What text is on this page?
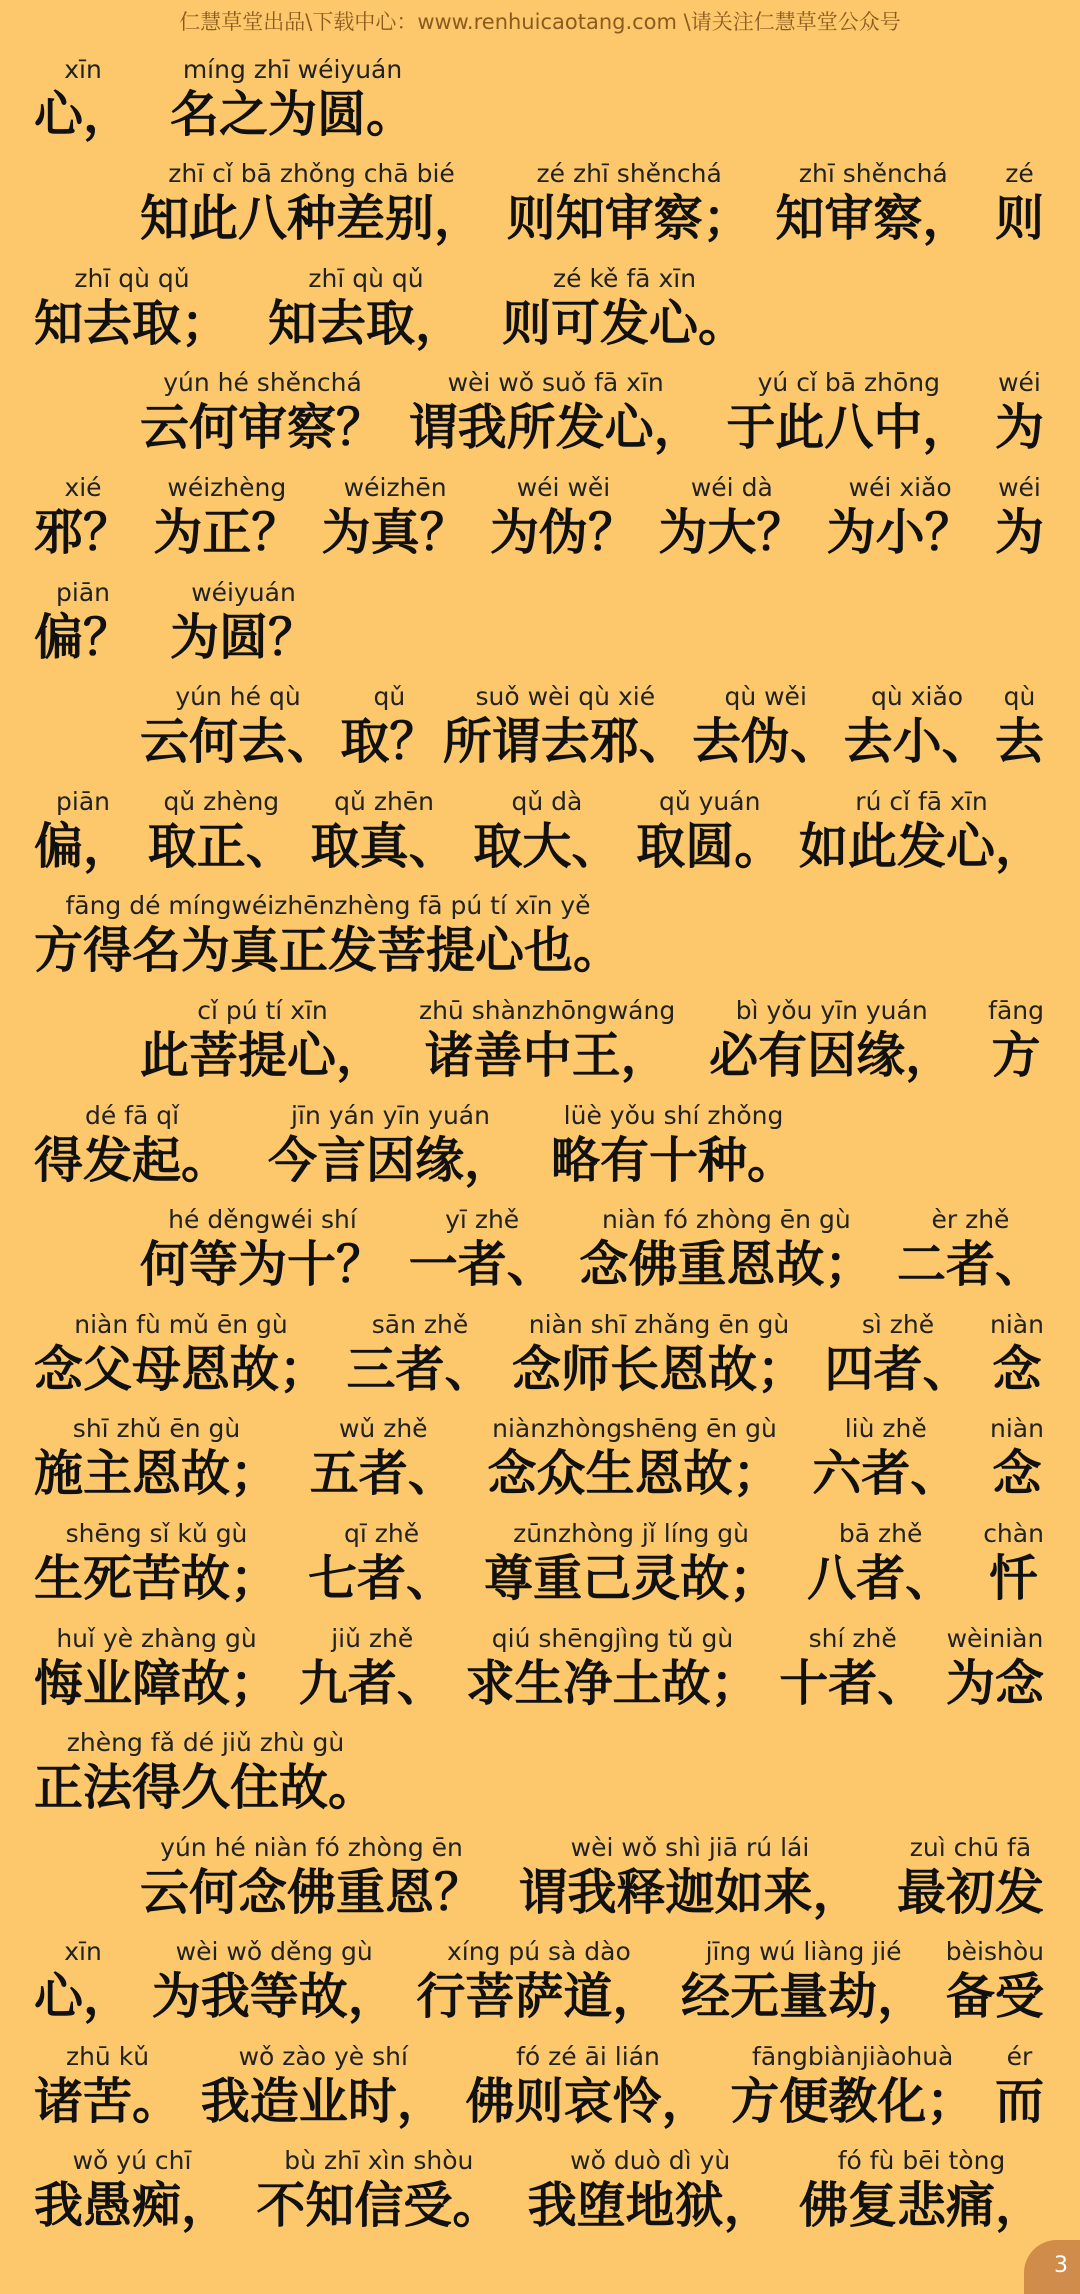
仁慧草堂出品\下载中心：www.renhuicaotang.com \请关注仁慧草堂公众号
xīn
心，
míng zhī wéiyuán
名之为圆。
zhī cǐ bā zhǒng chā bié
知此八种差别，
zé zhī shěnchá
则知审察；
zhī shěnchá
知审察，
zé
则
zhī qù qǔ
知去取；
zhī qù qǔ
知去取，
zé kě fā xīn
则可发心。
yún hé shěnchá
云何审察？
wèi wǒ suǒ fā xīn
谓我所发心，
yú cǐ bā zhōng
于此八中，
wéi
为
xié
邪？
wéizhèng
为正？
wéizhēn
为真？
wéi wěi
为伪？
wéi dà
为大？
wéi xiǎo
为小？
wéi
为
piān
偏？
wéiyuán
为圆？
yún hé qù
云何去、
qǔ
取？
suǒ wèi qù xié
所谓去邪、
qù wěi
去伪、
qù xiǎo
去小、
qù
去
piān
偏，
qǔ zhèng
取正、
qǔ zhēn
取真、
qǔ dà
取大、
qǔ yuán
取圆。
rú cǐ fā xīn
如此发心，
fāng dé míngwéizhēnzhèng fā pú tí xīn yě
方得名为真正发菩提心也。
cǐ pú tí xīn
此菩提心，
zhū shànzhōngwáng
诸善中王，
bì yǒu yīn yuán
必有因缘，
fāng
方
dé fā qǐ
得发起。
jīn yán yīn yuán
今言因缘，
lüè yǒu shí zhǒng
略有十种。
hé děngwéi shí
何等为十？
yī zhě
一者、
niàn fó zhòng ēn gù
念佛重恩故；
èr zhě
二者、
niàn fù mǔ ēn gù
念父母恩故；
sān zhě
三者、
niàn shī zhǎng ēn gù
念师长恩故；
sì zhě
四者、
niàn
念
shī zhǔ ēn gù
施主恩故；
wǔ zhě
五者、
niànzhòngshēng ēn gù
念众生恩故；
liù zhě
六者、
niàn
念
shēng sǐ kǔ gù
生死苦故；
qī zhě
七者、
zūnzhòng jǐ líng gù
尊重己灵故；
bā zhě
八者、
chàn
忏
huǐ yè zhàng gù
悔业障故；
jiǔ zhě
九者、
qiú shēngjìng tǔ gù
求生净土故；
shí zhě
十者、
wèiniàn
为念
zhèng fǎ dé jiǔ zhù gù
正法得久住故。
yún hé niàn fó zhòng ēn
云何念佛重恩？
wèi wǒ shì jiā rú lái
谓我释迦如来，
zuì chū fā
最初发
xīn
心，
wèi wǒ děng gù
为我等故，
xíng pú sà dào
行菩萨道，
jīng wú liàng jié
经无量劫，
bèishòu
备受
zhū kǔ
诸苦。
wǒ zào yè shí
我造业时，
fó zé āi lián
佛则哀怜，
fāngbiànjiàohuà
方便教化；
ér
而
wǒ yú chī
我愚痴，
bù zhī xìn shòu
不知信受。
wǒ duò dì yù
我堕地狱，
fó fù bēi tòng
佛复悲痛，
3
